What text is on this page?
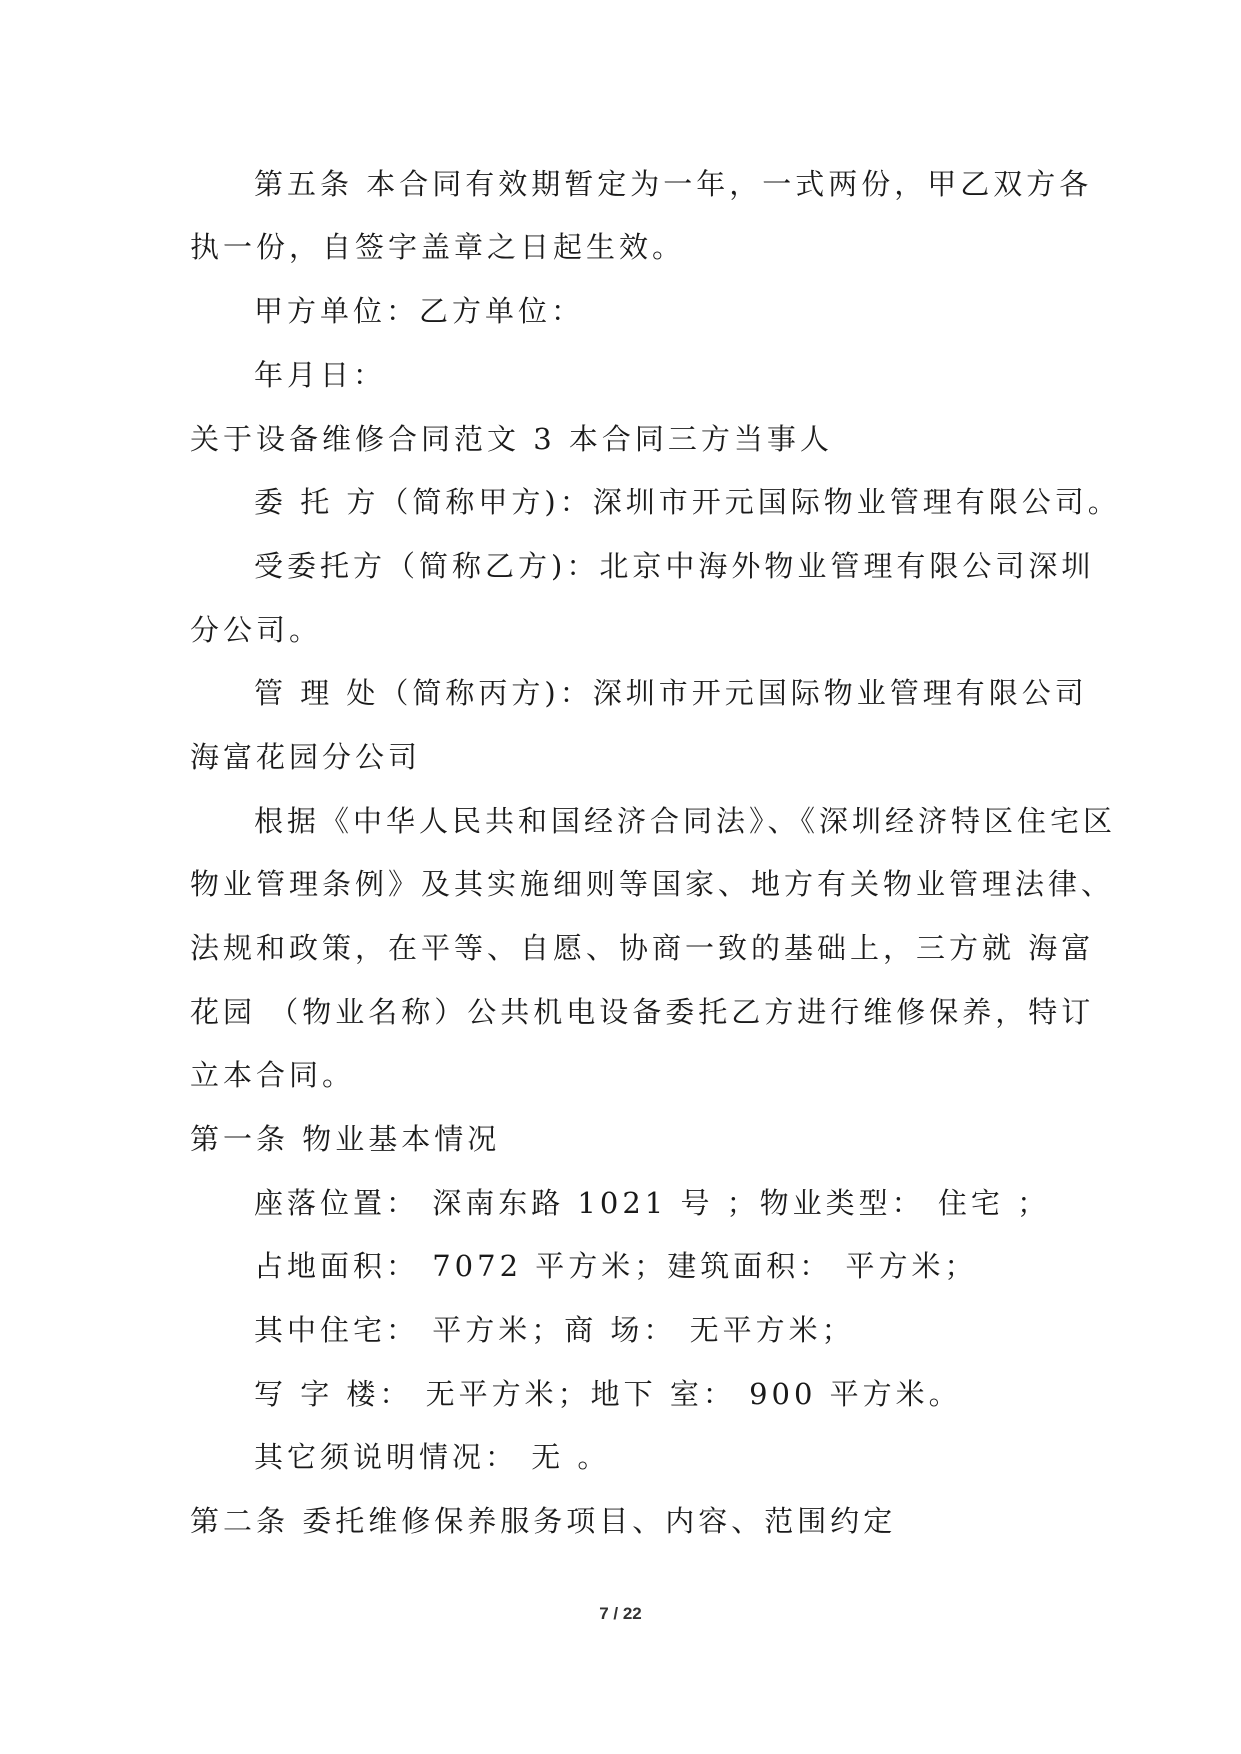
第五条 本合同有效期暂定为一年，一式两份，甲乙双方各
执一份，自签字盖章之日起生效。
甲方单位：乙方单位：
年月日：
关于设备维修合同范文 3 本合同三方当事人
委 托 方（简称甲方)：深圳市开元国际物业管理有限公司。
受委托方（简称乙方)：北京中海外物业管理有限公司深圳
分公司。
管 理 处（简称丙方)：深圳市开元国际物业管理有限公司
海富花园分公司
根据《中华人民共和国经济合同法》、《深圳经济特区住宅区
物业管理条例》及其实施细则等国家、地方有关物业管理法律、
法规和政策，在平等、自愿、协商一致的基础上，三方就 海富
花园 （物业名称）公共机电设备委托乙方进行维修保养，特订
立本合同。
第一条 物业基本情况
座落位置： 深南东路 1021 号 ；物业类型： 住宅 ；
占地面积： 7072 平方米；建筑面积： 平方米；
其中住宅： 平方米；商 场： 无平方米；
写 字 楼： 无平方米；地下 室： 900 平方米。
其它须说明情况： 无 。
第二条 委托维修保养服务项目、内容、范围约定
7 / 22
